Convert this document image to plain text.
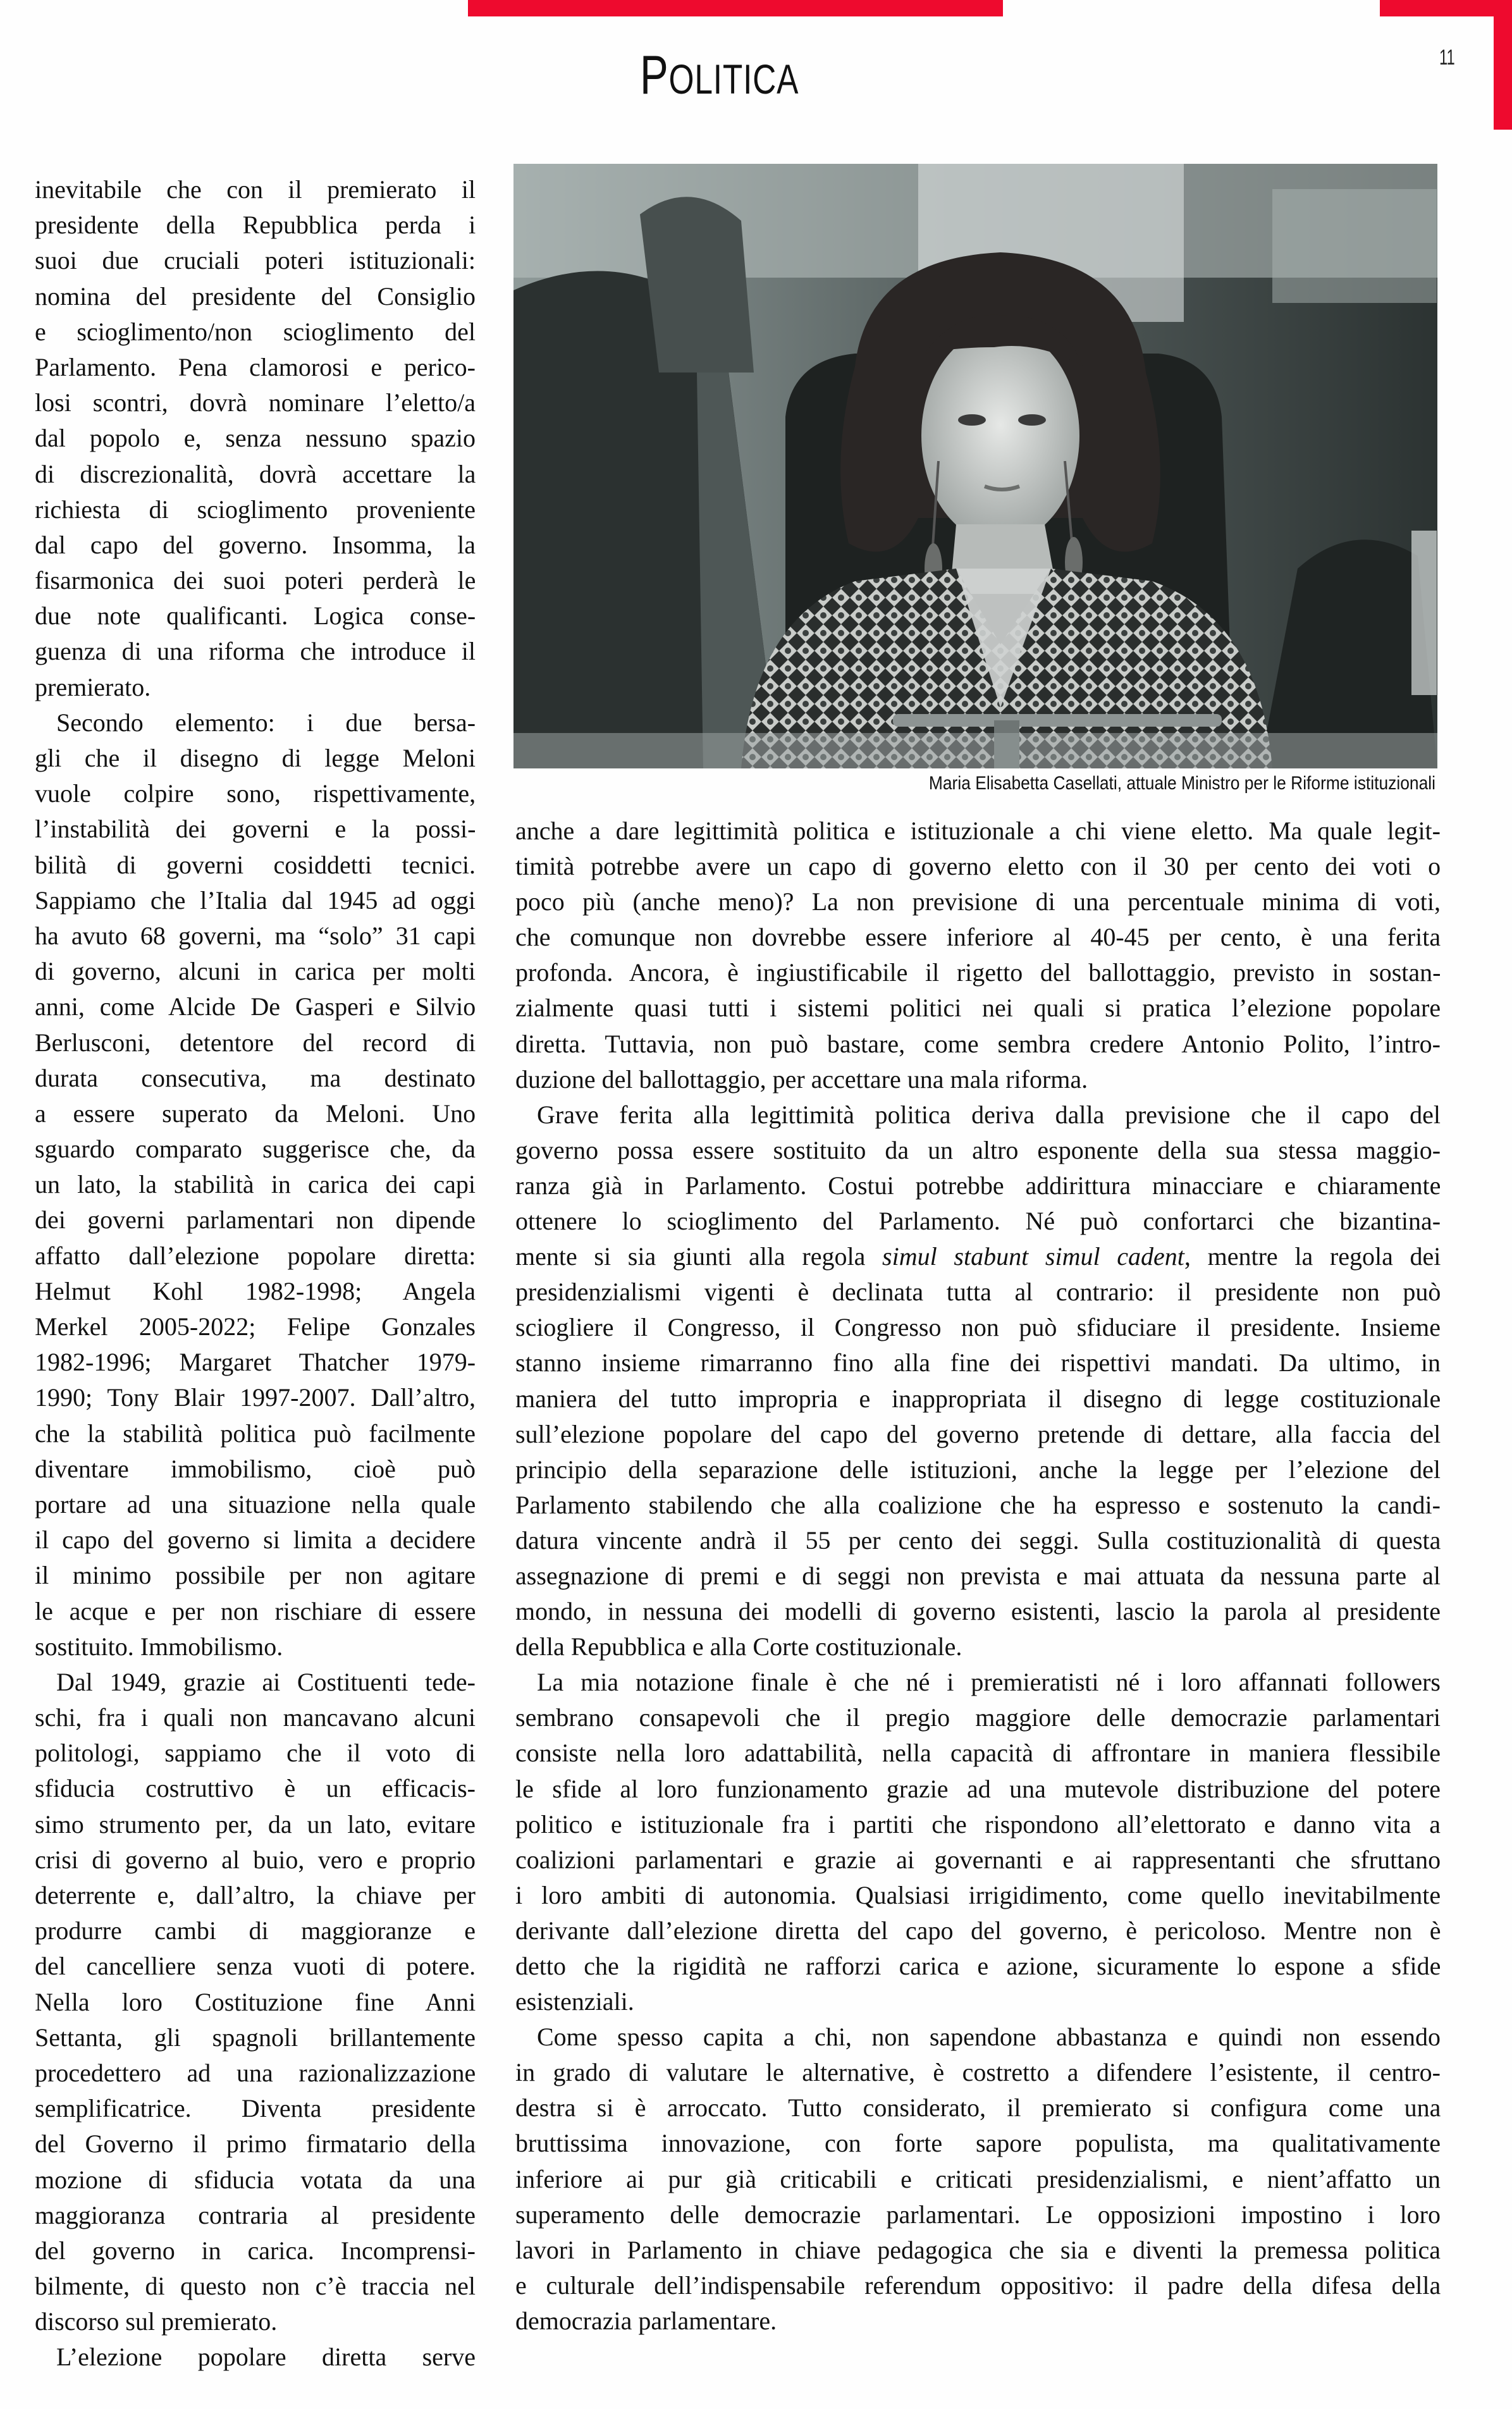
POLITICA	11
Maria Elisabetta Casellati, attuale Ministro per le Riforme istituzionali
inevitabile che con il premierato il
presidente della Repubblica perda i
suoi due cruciali poteri istituzionali:
nomina del presidente del Consiglio
e scioglimento/non scioglimento del
Parlamento. Pena clamorosi e perico-
losi scontri, dovrà nominare l’eletto/a
dal popolo e, senza nessuno spazio
di discrezionalità, dovrà accettare la
richiesta di scioglimento proveniente
dal capo del governo. Insomma, la
fisarmonica dei suoi poteri perderà le
due note qualificanti. Logica conse-
guenza di una riforma che introduce il
premierato.
Secondo elemento: i due bersa-
gli che il disegno di legge Meloni
vuole colpire sono, rispettivamente,
l’instabilità dei governi e la possi-
bilità di governi cosiddetti tecnici.
Sappiamo che l’Italia dal 1945 ad oggi
ha avuto 68 governi, ma “solo” 31 capi
di governo, alcuni in carica per molti
anni, come Alcide De Gasperi e Silvio
Berlusconi, detentore del record di
durata consecutiva, ma destinato
a essere superato da Meloni. Uno
sguardo comparato suggerisce che, da
un lato, la stabilità in carica dei capi
dei governi parlamentari non dipende
affatto dall’elezione popolare diretta:
Helmut Kohl 1982-1998; Angela
Merkel 2005-2022; Felipe Gonzales
1982-1996; Margaret Thatcher 1979-
1990; Tony Blair 1997-2007. Dall’altro,
che la stabilità politica può facilmente
diventare immobilismo, cioè può
portare ad una situazione nella quale
il capo del governo si limita a decidere
il minimo possibile per non agitare
le acque e per non rischiare di essere
sostituito. Immobilismo.
Dal 1949, grazie ai Costituenti tede-
schi, fra i quali non mancavano alcuni
politologi, sappiamo che il voto di
sfiducia costruttivo è un efficacis-
simo strumento per, da un lato, evitare
crisi di governo al buio, vero e proprio
deterrente e, dall’altro, la chiave per
produrre cambi di maggioranze e
del cancelliere senza vuoti di potere.
Nella loro Costituzione fine Anni
Settanta, gli spagnoli brillantemente
procedettero ad una razionalizzazione
semplificatrice. Diventa presidente
del Governo il primo firmatario della
mozione di sfiducia votata da una
maggioranza contraria al presidente
del governo in carica. Incomprensi-
bilmente, di questo non c’è traccia nel
discorso sul premierato.
L’elezione popolare diretta serve
anche a dare legittimità politica e istituzionale a chi viene eletto. Ma quale legit-
timità potrebbe avere un capo di governo eletto con il 30 per cento dei voti o
poco più (anche meno)? La non previsione di una percentuale minima di voti,
che comunque non dovrebbe essere inferiore al 40-45 per cento, è una ferita
profonda. Ancora, è ingiustificabile il rigetto del ballottaggio, previsto in sostan-
zialmente quasi tutti i sistemi politici nei quali si pratica l’elezione popolare
diretta. Tuttavia, non può bastare, come sembra credere Antonio Polito, l’intro-
duzione del ballottaggio, per accettare una mala riforma.
Grave ferita alla legittimità politica deriva dalla previsione che il capo del
governo possa essere sostituito da un altro esponente della sua stessa maggio-
ranza già in Parlamento. Costui potrebbe addirittura minacciare e chiaramente
ottenere lo scioglimento del Parlamento. Né può confortarci che bizantina-
mente si sia giunti alla regola simul stabunt simul cadent, mentre la regola dei
presidenzialismi vigenti è declinata tutta al contrario: il presidente non può
sciogliere il Congresso, il Congresso non può sfiduciare il presidente. Insieme
stanno insieme rimarranno fino alla fine dei rispettivi mandati. Da ultimo, in
maniera del tutto impropria e inappropriata il disegno di legge costituzionale
sull’elezione popolare del capo del governo pretende di dettare, alla faccia del
principio della separazione delle istituzioni, anche la legge per l’elezione del
Parlamento stabilendo che alla coalizione che ha espresso e sostenuto la candi-
datura vincente andrà il 55 per cento dei seggi. Sulla costituzionalità di questa
assegnazione di premi e di seggi non prevista e mai attuata da nessuna parte al
mondo, in nessuna dei modelli di governo esistenti, lascio la parola al presidente
della Repubblica e alla Corte costituzionale.
La mia notazione finale è che né i premieratisti né i loro affannati followers
sembrano consapevoli che il pregio maggiore delle democrazie parlamentari
consiste nella loro adattabilità, nella capacità di affrontare in maniera flessibile
le sfide al loro funzionamento grazie ad una mutevole distribuzione del potere
politico e istituzionale fra i partiti che rispondono all’elettorato e danno vita a
coalizioni parlamentari e grazie ai governanti e ai rappresentanti che sfruttano
i loro ambiti di autonomia. Qualsiasi irrigidimento, come quello inevitabilmente
derivante dall’elezione diretta del capo del governo, è pericoloso. Mentre non è
detto che la rigidità ne rafforzi carica e azione, sicuramente lo espone a sfide
esistenziali.
Come spesso capita a chi, non sapendone abbastanza e quindi non essendo
in grado di valutare le alternative, è costretto a difendere l’esistente, il centro-
destra si è arroccato. Tutto considerato, il premierato si configura come una
bruttissima innovazione, con forte sapore populista, ma qualitativamente
inferiore ai pur già criticabili e criticati presidenzialismi, e nient’affatto un
superamento delle democrazie parlamentari. Le opposizioni impostino i loro
lavori in Parlamento in chiave pedagogica che sia e diventi la premessa politica
e culturale dell’indispensabile referendum oppositivo: il padre della difesa della
democrazia parlamentare.
